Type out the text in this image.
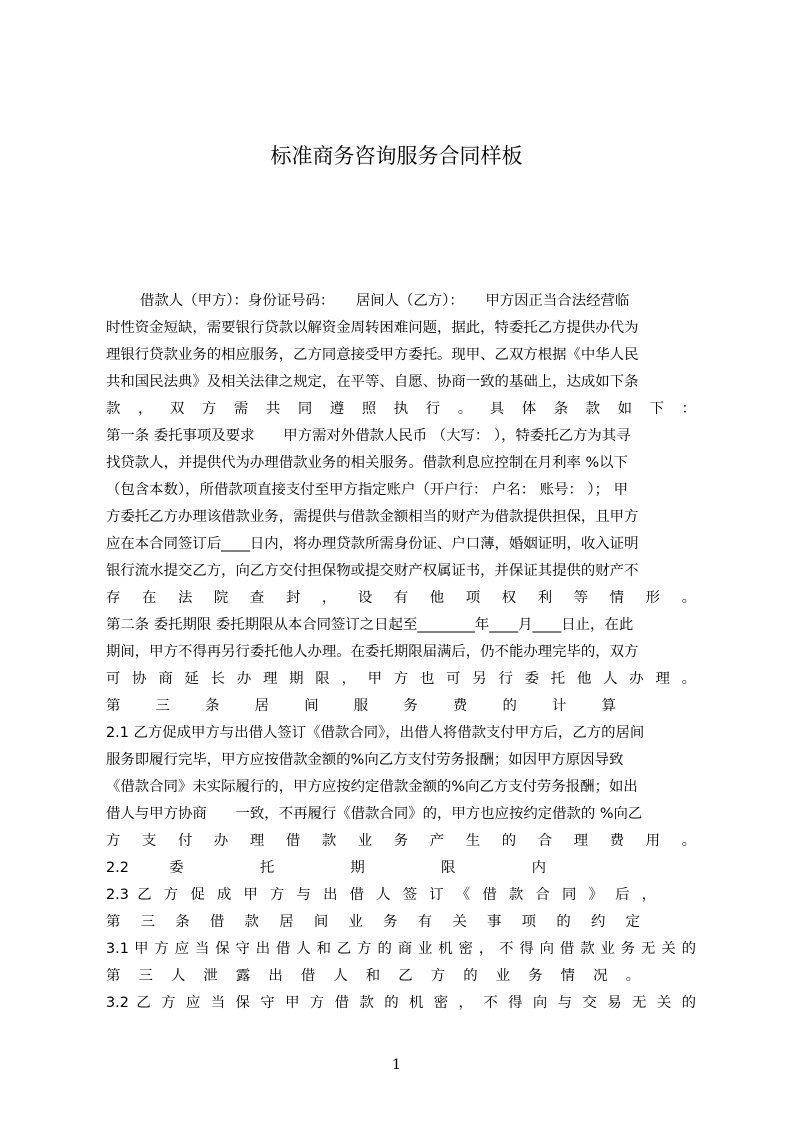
标准商务咨询服务合同样板
借款人（甲方）：身份证号码：　　居间人（乙方）：　　甲方因正当合法经营临
时性资金短缺，需要银行贷款以解资金周转困难问题，据此，特委托乙方提供办代为
理银行贷款业务的相应服务，乙方同意接受甲方委托。现甲、乙双方根据《中华人民
共和国民法典》及相关法律之规定，在平等、自愿、协商一致的基础上，达成如下条
款 ， 双 方 需 共 同 遵 照 执 行 。 具 体 条 款 如 下 ：
第一条 委托事项及要求　　甲方需对外借款人民币 （大写： ），特委托乙方为其寻
找贷款人，并提供代为办理借款业务的相关服务。借款利息应控制在月利率 %以下
（包含本数），所借款项直接支付至甲方指定账户（开户行： 户名： 账号： ）； 甲
方委托乙方办理该借款业务，需提供与借款金额相当的财产为借款提供担保，且甲方
应在本合同签订后____日内，将办理贷款所需身份证、户口薄，婚姻证明，收入证明
银行流水提交乙方，向乙方交付担保物或提交财产权属证书，并保证其提供的财产不
存 在 法 院 查 封 ， 设 有 他 项 权 利 等 情 形 。
第二条 委托期限 委托期限从本合同签订之日起至________年____月____日止，在此
期间，甲方不得再另行委托他人办理。在委托期限届满后，仍不能办理完毕的，双方
可 协 商 延 长 办 理 期 限 ， 甲 方 也 可 另 行 委 托 他 人 办 理 。
第 三 条 居 间 服 务 费 的 计 算
2.1 乙方促成甲方与出借人签订《借款合同》，出借人将借款支付甲方后，乙方的居间
服务即履行完毕，甲方应按借款金额的%向乙方支付劳务报酬；如因甲方原因导致
《借款合同》未实际履行的，甲方应按约定借款金额的%向乙方支付劳务报酬；如出
借人与甲方协商　　一致，不再履行《借款合同》的，甲方也应按约定借款的 %向乙
方 支 付 办 理 借 款 业 务 产 生 的 合 理 费 用 。
2.2 委 托 期 限 内
2.3 乙 方 促 成 甲 方 与 出 借 人 签 订 《 借 款 合 同 》 后 ，
第 三 条 借 款 居 间 业 务 有 关 事 项 的 约 定
3.1 甲 方 应 当 保 守 出 借 人 和 乙 方 的 商 业 机 密 ， 不 得 向 借 款 业 务 无 关 的
第 三 人 泄 露 出 借 人 和 乙 方 的 业 务 情 况 。
3.2 乙 方 应 当 保 守 甲 方 借 款 的 机 密 ， 不 得 向 与 交 易 无 关 的
1
